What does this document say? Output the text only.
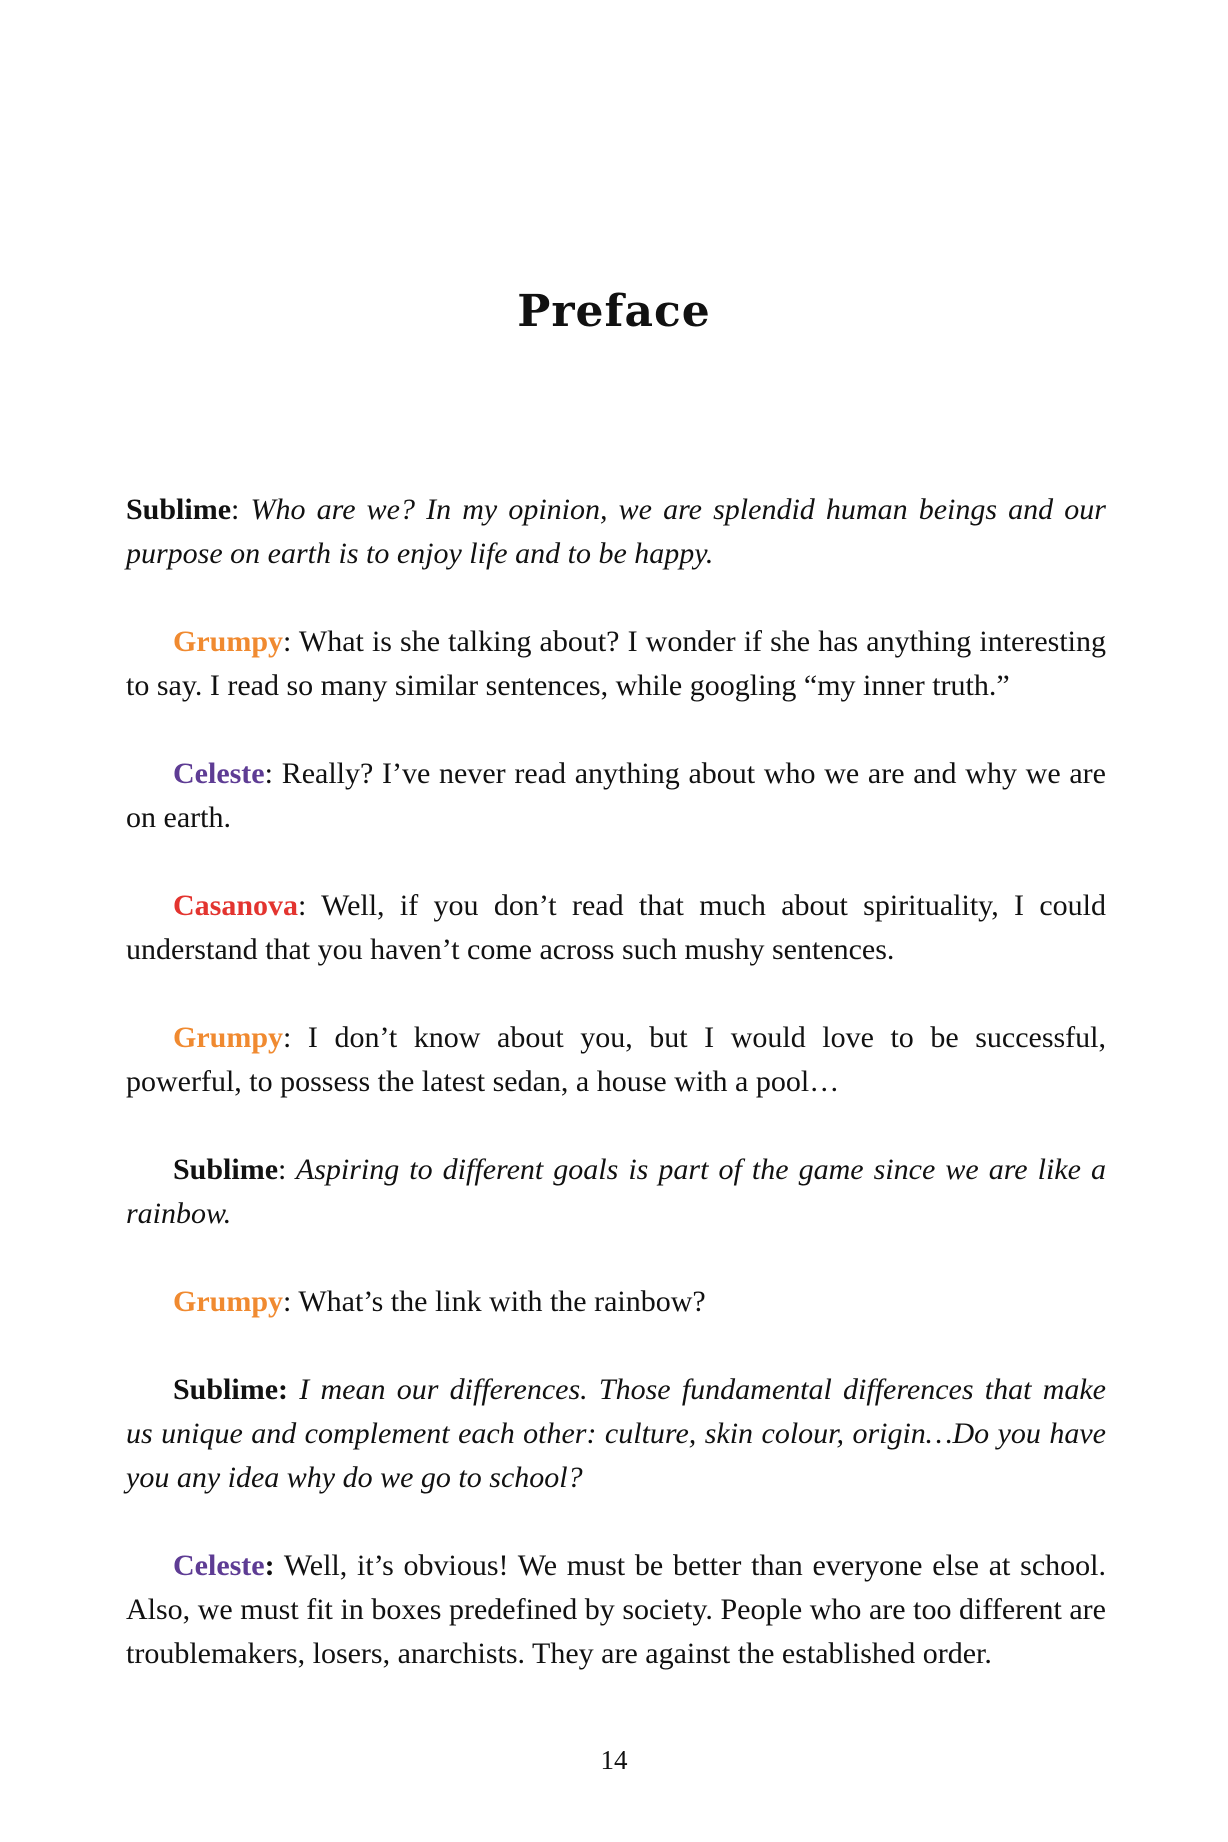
Preface

Sublime: Who are we? In my opinion, we are splendid human beings and our purpose on earth is to enjoy life and to be happy.

Grumpy: What is she talking about? I wonder if she has anything interesting to say. I read so many similar sentences, while googling “my inner truth.”

Celeste: Really? I’ve never read anything about who we are and why we are on earth.

Casanova: Well, if you don’t read that much about spirituality, I could understand that you haven’t come across such mushy sentences.

Grumpy: I don’t know about you, but I would love to be successful, powerful, to possess the latest sedan, a house with a pool…

Sublime: Aspiring to different goals is part of the game since we are like a rainbow.

Grumpy: What’s the link with the rainbow?

Sublime: I mean our differences. Those fundamental differences that make us unique and complement each other: culture, skin colour, origin…Do you have you any idea why do we go to school?

Celeste: Well, it’s obvious! We must be better than everyone else at school. Also, we must fit in boxes predefined by society. People who are too different are troublemakers, losers, anarchists. They are against the established order.

14
